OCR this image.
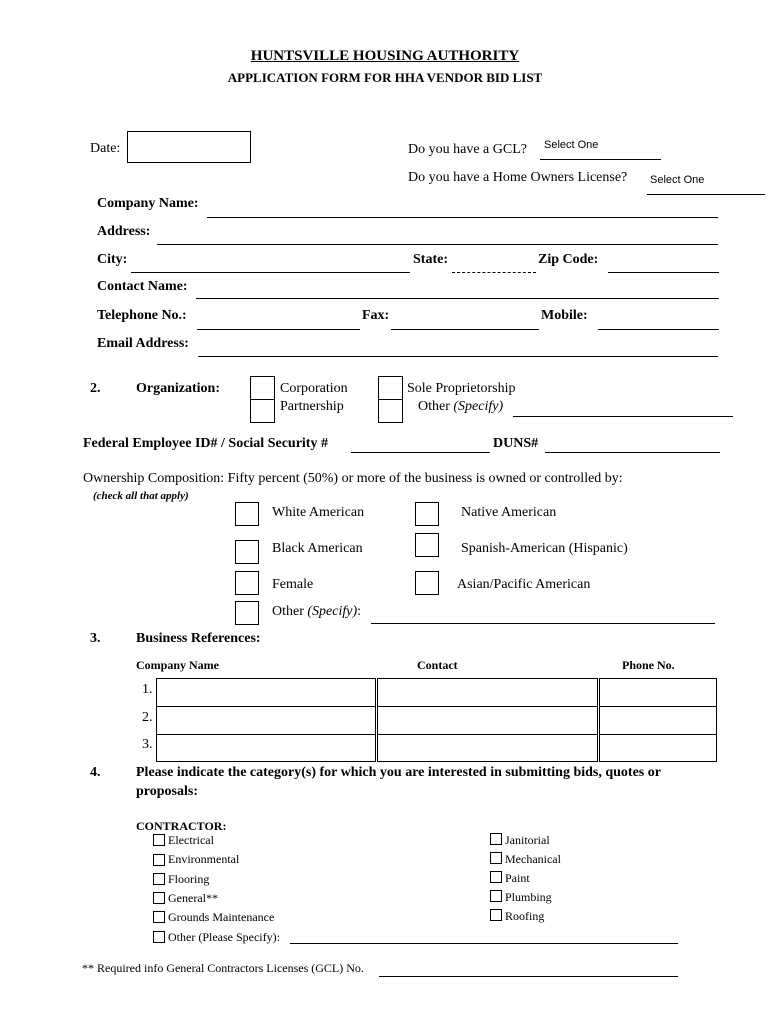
HUNTSVILLE HOUSING AUTHORITY
APPLICATION FORM FOR HHA VENDOR BID LIST
Date:	Do you have a GCL? Select One
Do you have a Home Owners License? Select One
Company Name:
Address:
City:	State:	Zip Code:
Contact Name:
Telephone No.:	Fax:	Mobile:
Email Address:
2.	Organization:	Corporation
Partnership
Sole Proprietorship
Other (Specify)
Federal Employee ID# / Social Security #	DUNS#
Ownership Composition: Fifty percent (50%) or more of the business is owned or controlled by:
(check all that apply)
White American	Native American
Black American	Spanish-American (Hispanic)
Female	Asian/Pacific American
Other (Specify):
3.	Business References:
Company Name	Contact	Phone No.
1.
2.
3.
4.	Please indicate the category(s) for which you are interested in submitting bids, quotes or
proposals:
CONTRACTOR:
Electrical
Environmental
Flooring
General**
Grounds Maintenance
Other (Please Specify):
Janitorial
Mechanical
Paint
Plumbing
Roofing
** Required info General Contractors Licenses (GCL) No.
